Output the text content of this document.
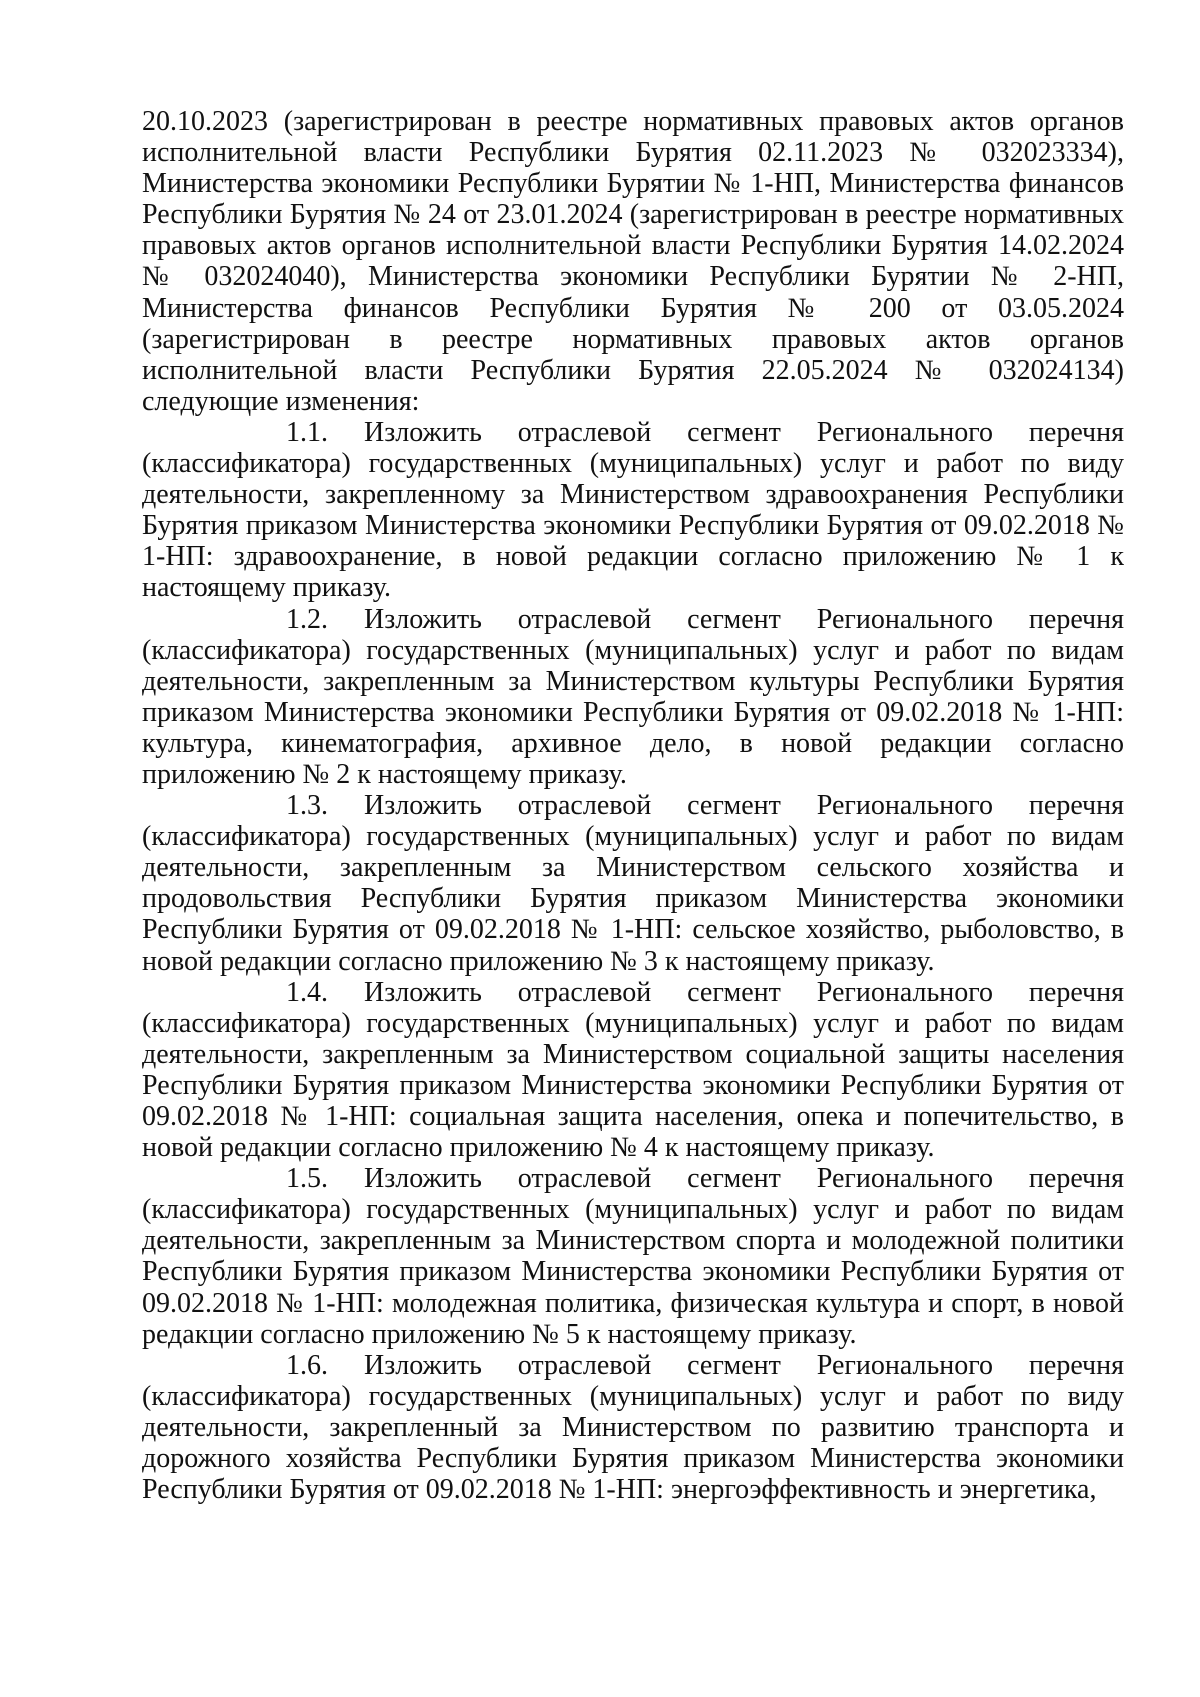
20.10.2023 (зарегистрирован в реестре нормативных правовых актов органов исполнительной власти Республики Бурятия 02.11.2023 № 032023334), Министерства экономики Республики Бурятии № 1-НП, Министерства финансов Республики Бурятия № 24 от 23.01.2024 (зарегистрирован в реестре нормативных правовых актов органов исполнительной власти Республики Бурятия 14.02.2024 № 032024040), Министерства экономики Республики Бурятии № 2-НП, Министерства финансов Республики Бурятия № 200 от 03.05.2024 (зарегистрирован в реестре нормативных правовых актов органов исполнительной власти Республики Бурятия 22.05.2024 № 032024134) следующие изменения:

1.1. Изложить отраслевой сегмент Регионального перечня (классификатора) государственных (муниципальных) услуг и работ по виду деятельности, закрепленному за Министерством здравоохранения Республики Бурятия приказом Министерства экономики Республики Бурятия от 09.02.2018 № 1-НП: здравоохранение, в новой редакции согласно приложению № 1 к настоящему приказу.

1.2. Изложить отраслевой сегмент Регионального перечня (классификатора) государственных (муниципальных) услуг и работ по видам деятельности, закрепленным за Министерством культуры Республики Бурятия приказом Министерства экономики Республики Бурятия от 09.02.2018 № 1-НП: культура, кинематография, архивное дело, в новой редакции согласно приложению № 2 к настоящему приказу.

1.3. Изложить отраслевой сегмент Регионального перечня (классификатора) государственных (муниципальных) услуг и работ по видам деятельности, закрепленным за Министерством сельского хозяйства и продовольствия Республики Бурятия приказом Министерства экономики Республики Бурятия от 09.02.2018 № 1-НП: сельское хозяйство, рыболовство, в новой редакции согласно приложению № 3 к настоящему приказу.

1.4. Изложить отраслевой сегмент Регионального перечня (классификатора) государственных (муниципальных) услуг и работ по видам деятельности, закрепленным за Министерством социальной защиты населения Республики Бурятия приказом Министерства экономики Республики Бурятия от 09.02.2018 № 1-НП: социальная защита населения, опека и попечительство, в новой редакции согласно приложению № 4 к настоящему приказу.

1.5. Изложить отраслевой сегмент Регионального перечня (классификатора) государственных (муниципальных) услуг и работ по видам деятельности, закрепленным за Министерством спорта и молодежной политики Республики Бурятия приказом Министерства экономики Республики Бурятия от 09.02.2018 № 1-НП: молодежная политика, физическая культура и спорт, в новой редакции согласно приложению № 5 к настоящему приказу.

1.6. Изложить отраслевой сегмент Регионального перечня (классификатора) государственных (муниципальных) услуг и работ по виду деятельности, закрепленный за Министерством по развитию транспорта и дорожного хозяйства Республики Бурятия приказом Министерства экономики Республики Бурятия от 09.02.2018 № 1-НП: энергоэффективность и энергетика,
